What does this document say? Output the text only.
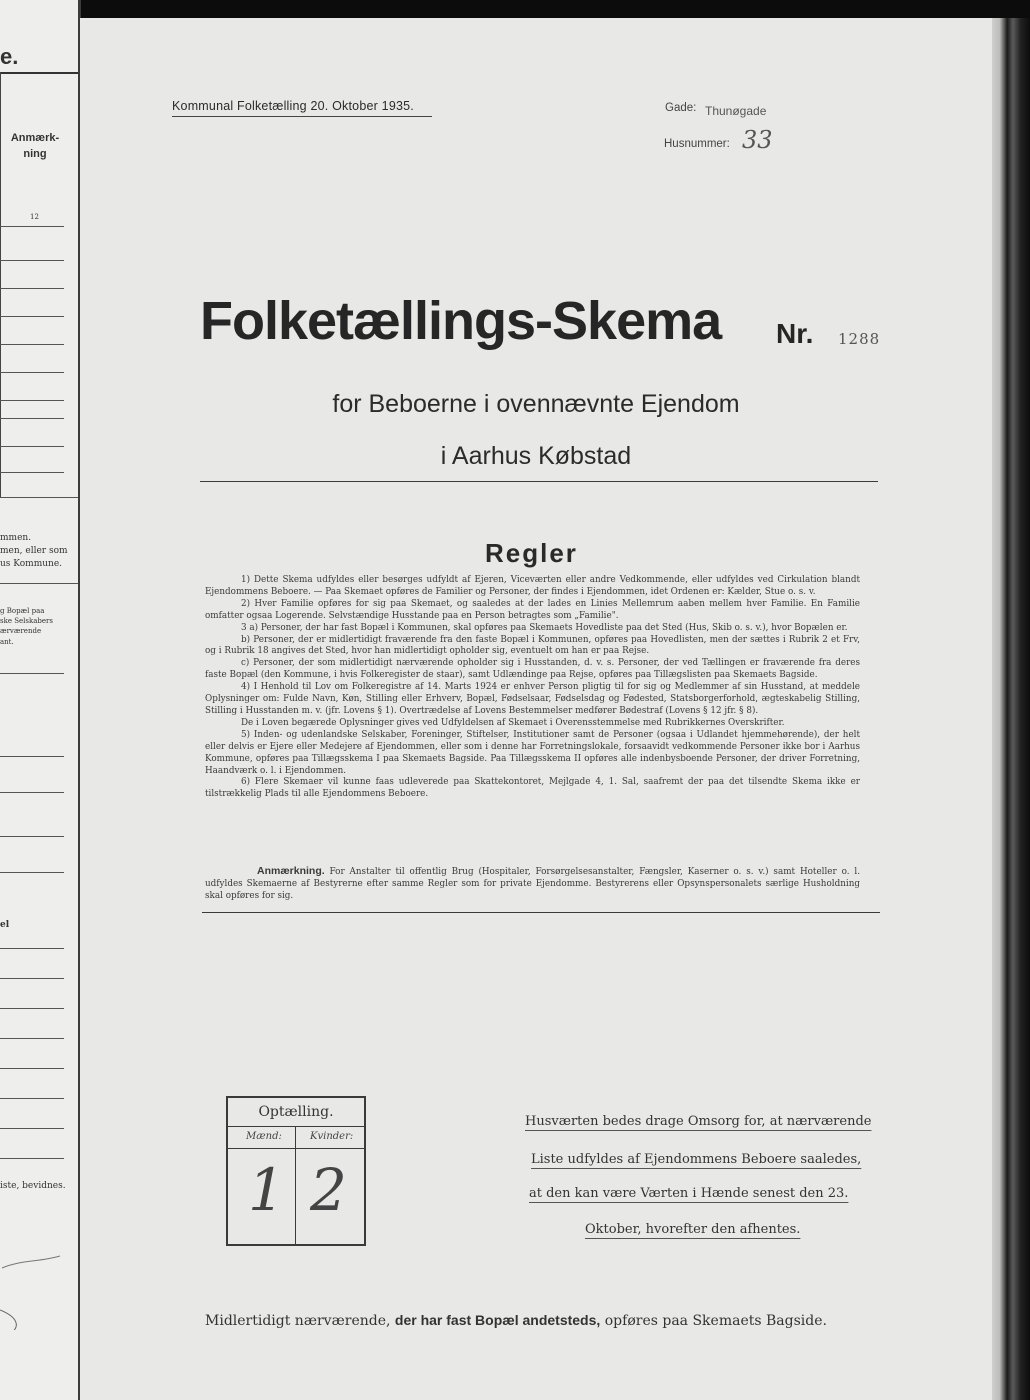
e.
Anmærk-
ning
12
mmen.
men, eller som
us Kommune.
g Bopæl paa
ske Selskabers
ærværende
ant.
el
iste, bevidnes.
Kommunal Folketælling 20. Oktober 1935.	Gade: Thunøgade
Husnummer: 33
Folketællings-Skema Nr. 1288
for Beboerne i ovennævnte Ejendom
i Aarhus Købstad
Regler

1) Dette Skema udfyldes eller besørges udfyldt af Ejeren, Viceværten eller andre Vedkommende, eller udfyldes ved Cirkulation blandt Ejendommens Beboere. — Paa Skemaet opføres de Familier og Personer, der findes i Ejendommen, idet Ordenen er: Kælder, Stue o. s. v.

2) Hver Familie opføres for sig paa Skemaet, og saaledes at der lades en Linies Mellemrum aaben mellem hver Familie. En Familie omfatter ogsaa Logerende. Selvstændige Husstande paa en Person betragtes som „Familie".

3 a) Personer, der har fast Bopæl i Kommunen, skal opføres paa Skemaets Hovedliste paa det Sted (Hus, Skib o. s. v.), hvor Bopælen er.

b) Personer, der er midlertidigt fraværende fra den faste Bopæl i Kommunen, opføres paa Hovedlisten, men der sættes i Rubrik 2 et Frv, og i Rubrik 18 angives det Sted, hvor han midlertidigt opholder sig, eventuelt om han er paa Rejse.

c) Personer, der som midlertidigt nærværende opholder sig i Husstanden, d. v. s. Personer, der ved Tællingen er fraværende fra deres faste Bopæl (den Kommune, i hvis Folkeregister de staar), samt Udlændinge paa Rejse, opføres paa Tillægslisten paa Skemaets Bagside.

4) I Henhold til Lov om Folkeregistre af 14. Marts 1924 er enhver Person pligtig til for sig og Medlemmer af sin Husstand, at meddele Oplysninger om: Fulde Navn, Køn, Stilling eller Erhverv, Bopæl, Fødselsaar, Fødselsdag og Fødested, Statsborgerforhold, ægteskabelig Stilling, Stilling i Husstanden m. v. (jfr. Lovens § 1). Overtrædelse af Lovens Bestemmelser medfører Bødestraf (Lovens § 12 jfr. § 8).

De i Loven begærede Oplysninger gives ved Udfyldelsen af Skemaet i Overensstemmelse med Rubrikkernes Overskrifter.

5) Inden- og udenlandske Selskaber, Foreninger, Stiftelser, Institutioner samt de Personer (ogsaa i Udlandet hjemmehørende), der helt eller delvis er Ejere eller Medejere af Ejendommen, eller som i denne har Forretningslokale, forsaavidt vedkommende Personer ikke bor i Aarhus Kommune, opføres paa Tillægsskema I paa Skemaets Bagside. Paa Tillægsskema II opføres alle indenbysboende Personer, der driver Forretning, Haandværk o. l. i Ejendommen.

6) Flere Skemaer vil kunne faas udleverede paa Skattekontoret, Mejlgade 4, 1. Sal, saafremt der paa det tilsendte Skema ikke er tilstrækkelig Plads til alle Ejendommens Beboere.

Anmærkning. For Anstalter til offentlig Brug (Hospitaler, Forsørgelsesanstalter, Fængsler, Kaserner o. s. v.) samt Hoteller o. l. udfyldes Skemaerne af Bestyrerne efter samme Regler som for private Ejendomme. Bestyrerens eller Opsynspersonalets særlige Husholdning skal opføres for sig.
Optælling.
Mænd:	Kvinder:
1 2
Husværten bedes drage Omsorg for, at nærværende
Liste udfyldes af Ejendommens Beboere saaledes,
at den kan være Værten i Hænde senest den 23.
Oktober, hvorefter den afhentes.
Midlertidigt nærværende, der har fast Bopæl andetsteds, opføres paa Skemaets Bagside.
